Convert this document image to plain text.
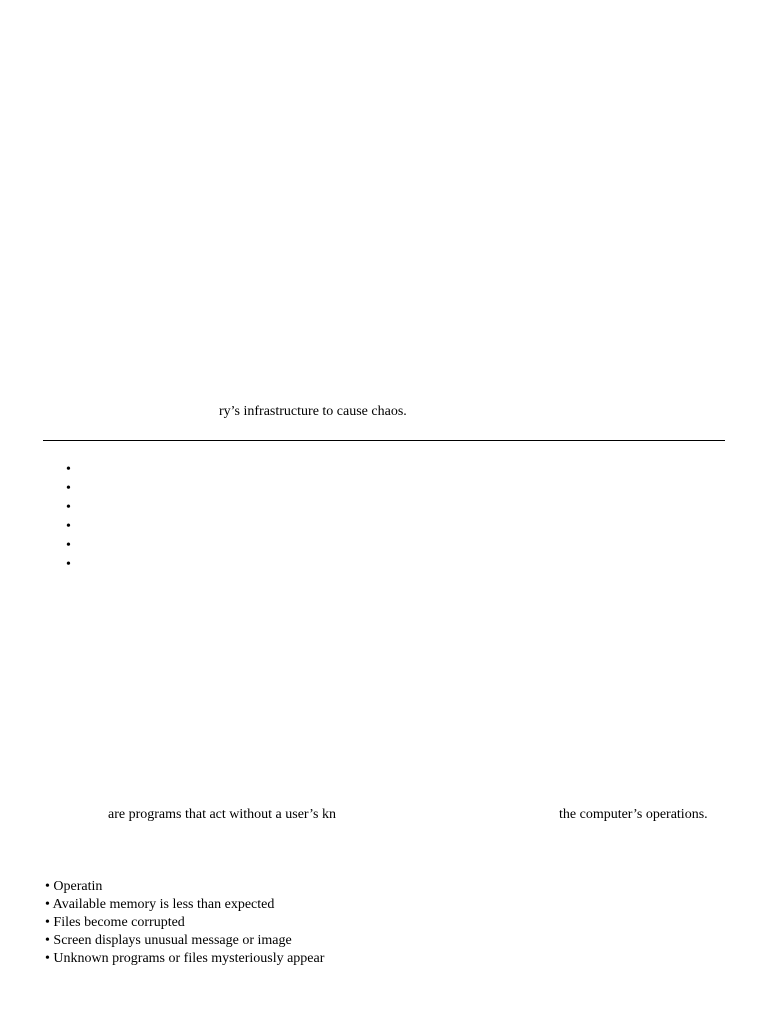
ry’s infrastructure to cause chaos.
•
•
•
•
•
•
are programs that act without a user’s kn	the computer’s operations.
• Operatin
• Available memory is less than expected
• Files become corrupted
• Screen displays unusual message or image
• Unknown programs or files mysteriously appear
